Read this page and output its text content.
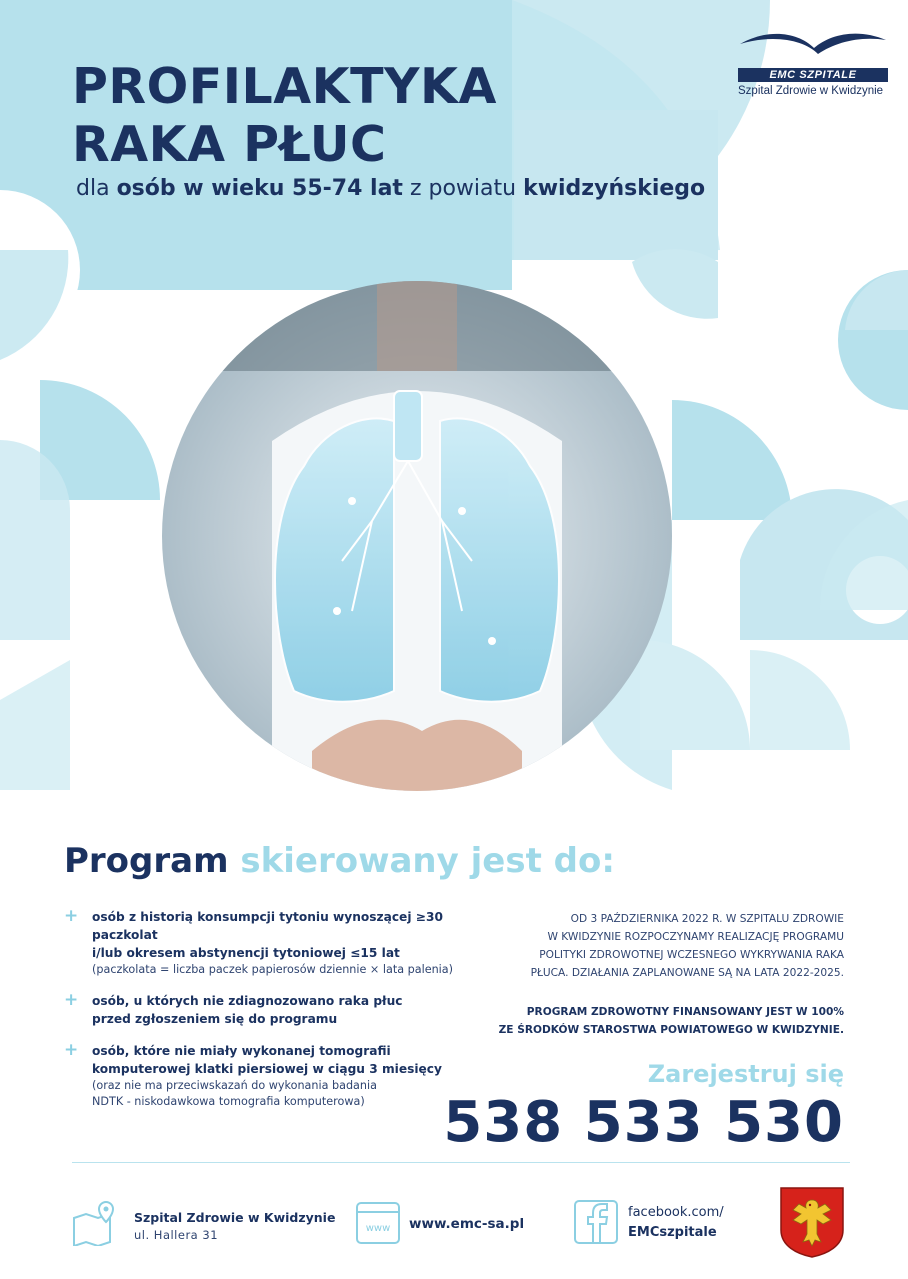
PROFILAKTYKA
RAKA PŁUC
dla osób w wieku 55-74 lat z powiatu kwidzyńskiego
EMC SZPITALE
Szpital Zdrowie w Kwidzynie
Program skierowany jest do:
+ osób z historią konsumpcji tytoniu wynoszącej ≥30 paczkolat
i/lub okresem abstynencji tytoniowej ≤15 lat
(paczkolata = liczba paczek papierosów dziennie × lata palenia)
+ osób, u których nie zdiagnozowano raka płuc
przed zgłoszeniem się do programu
+ osób, które nie miały wykonanej tomografii
komputerowej klatki piersiowej w ciągu 3 miesięcy
(oraz nie ma przeciwskazań do wykonania badania
NDTK - niskodawkowa tomografia komputerowa)
OD 3 PAŹDZIERNIKA 2022 R. W SZPITALU ZDROWIE
W KWIDZYNIE ROZPOCZYNAMY REALIZACJĘ PROGRAMU
POLITYKI ZDROWOTNEJ WCZESNEGO WYKRYWANIA RAKA
PŁUCA. DZIAŁANIA ZAPLANOWANE SĄ NA LATA 2022-2025.
PROGRAM ZDROWOTNY FINANSOWANY JEST W 100%
ZE ŚRODKÓW STAROSTWA POWIATOWEGO W KWIDZYNIE.
Zarejestruj się
538 533 530
Szpital Zdrowie w Kwidzynie
ul. Hallera 31	www www.emc-sa.pl
facebook.com/
EMCszpitale
